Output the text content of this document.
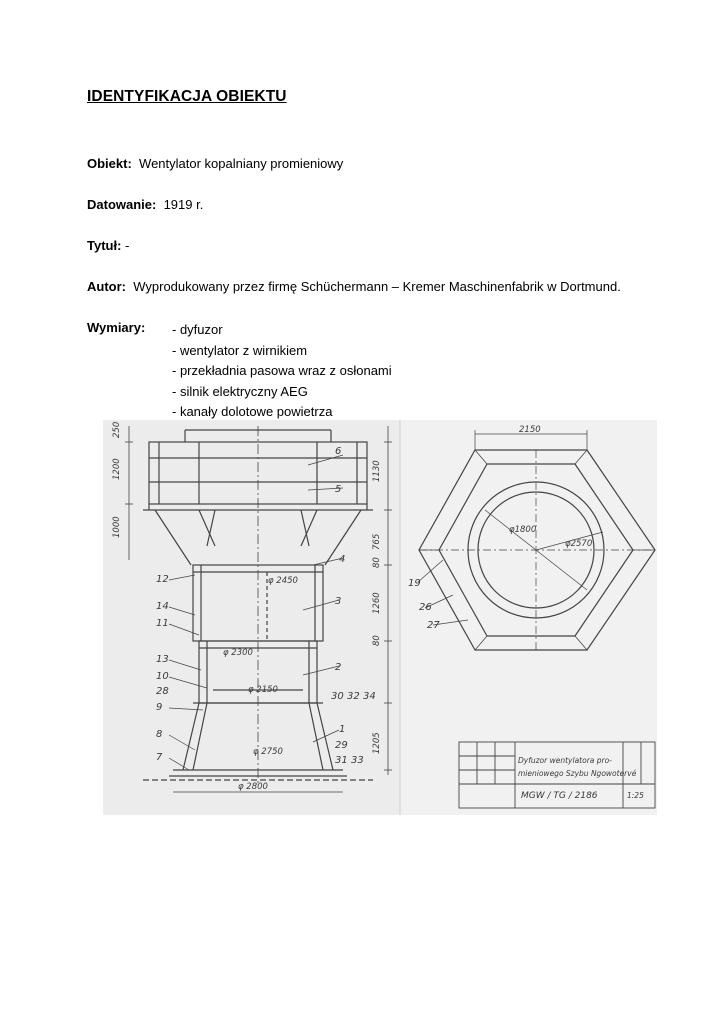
IDENTYFIKACJA OBIEKTU
Obiekt: Wentylator kopalniany promieniowy
Datowanie: 1919 r.
Tytuł: -
Autor: Wyprodukowany przez firmę Schüchermann – Kremer Maschinenfabrik w Dortmund.
Wymiary: - dyfuzor
- wentylator z wirnikiem
- przekładnia pasowa wraz z osłonami
- silnik elektryczny AEG
- kanały dolotowe powietrza
250
1200
1000
1130
765
80
1260
80
1205
φ 2450
φ 2300
φ 2150
φ 2750
φ 2800
12
14
11
13
10
28
9
8
7
6
5
4
3
2
30 32 34
1
29
31 33
2150
φ1800
φ2570
19
26
27
Dyfuzor wentylatora pro-
mieniowego Szybu Ngowotervé
MGW / TG / 2186	1:25
